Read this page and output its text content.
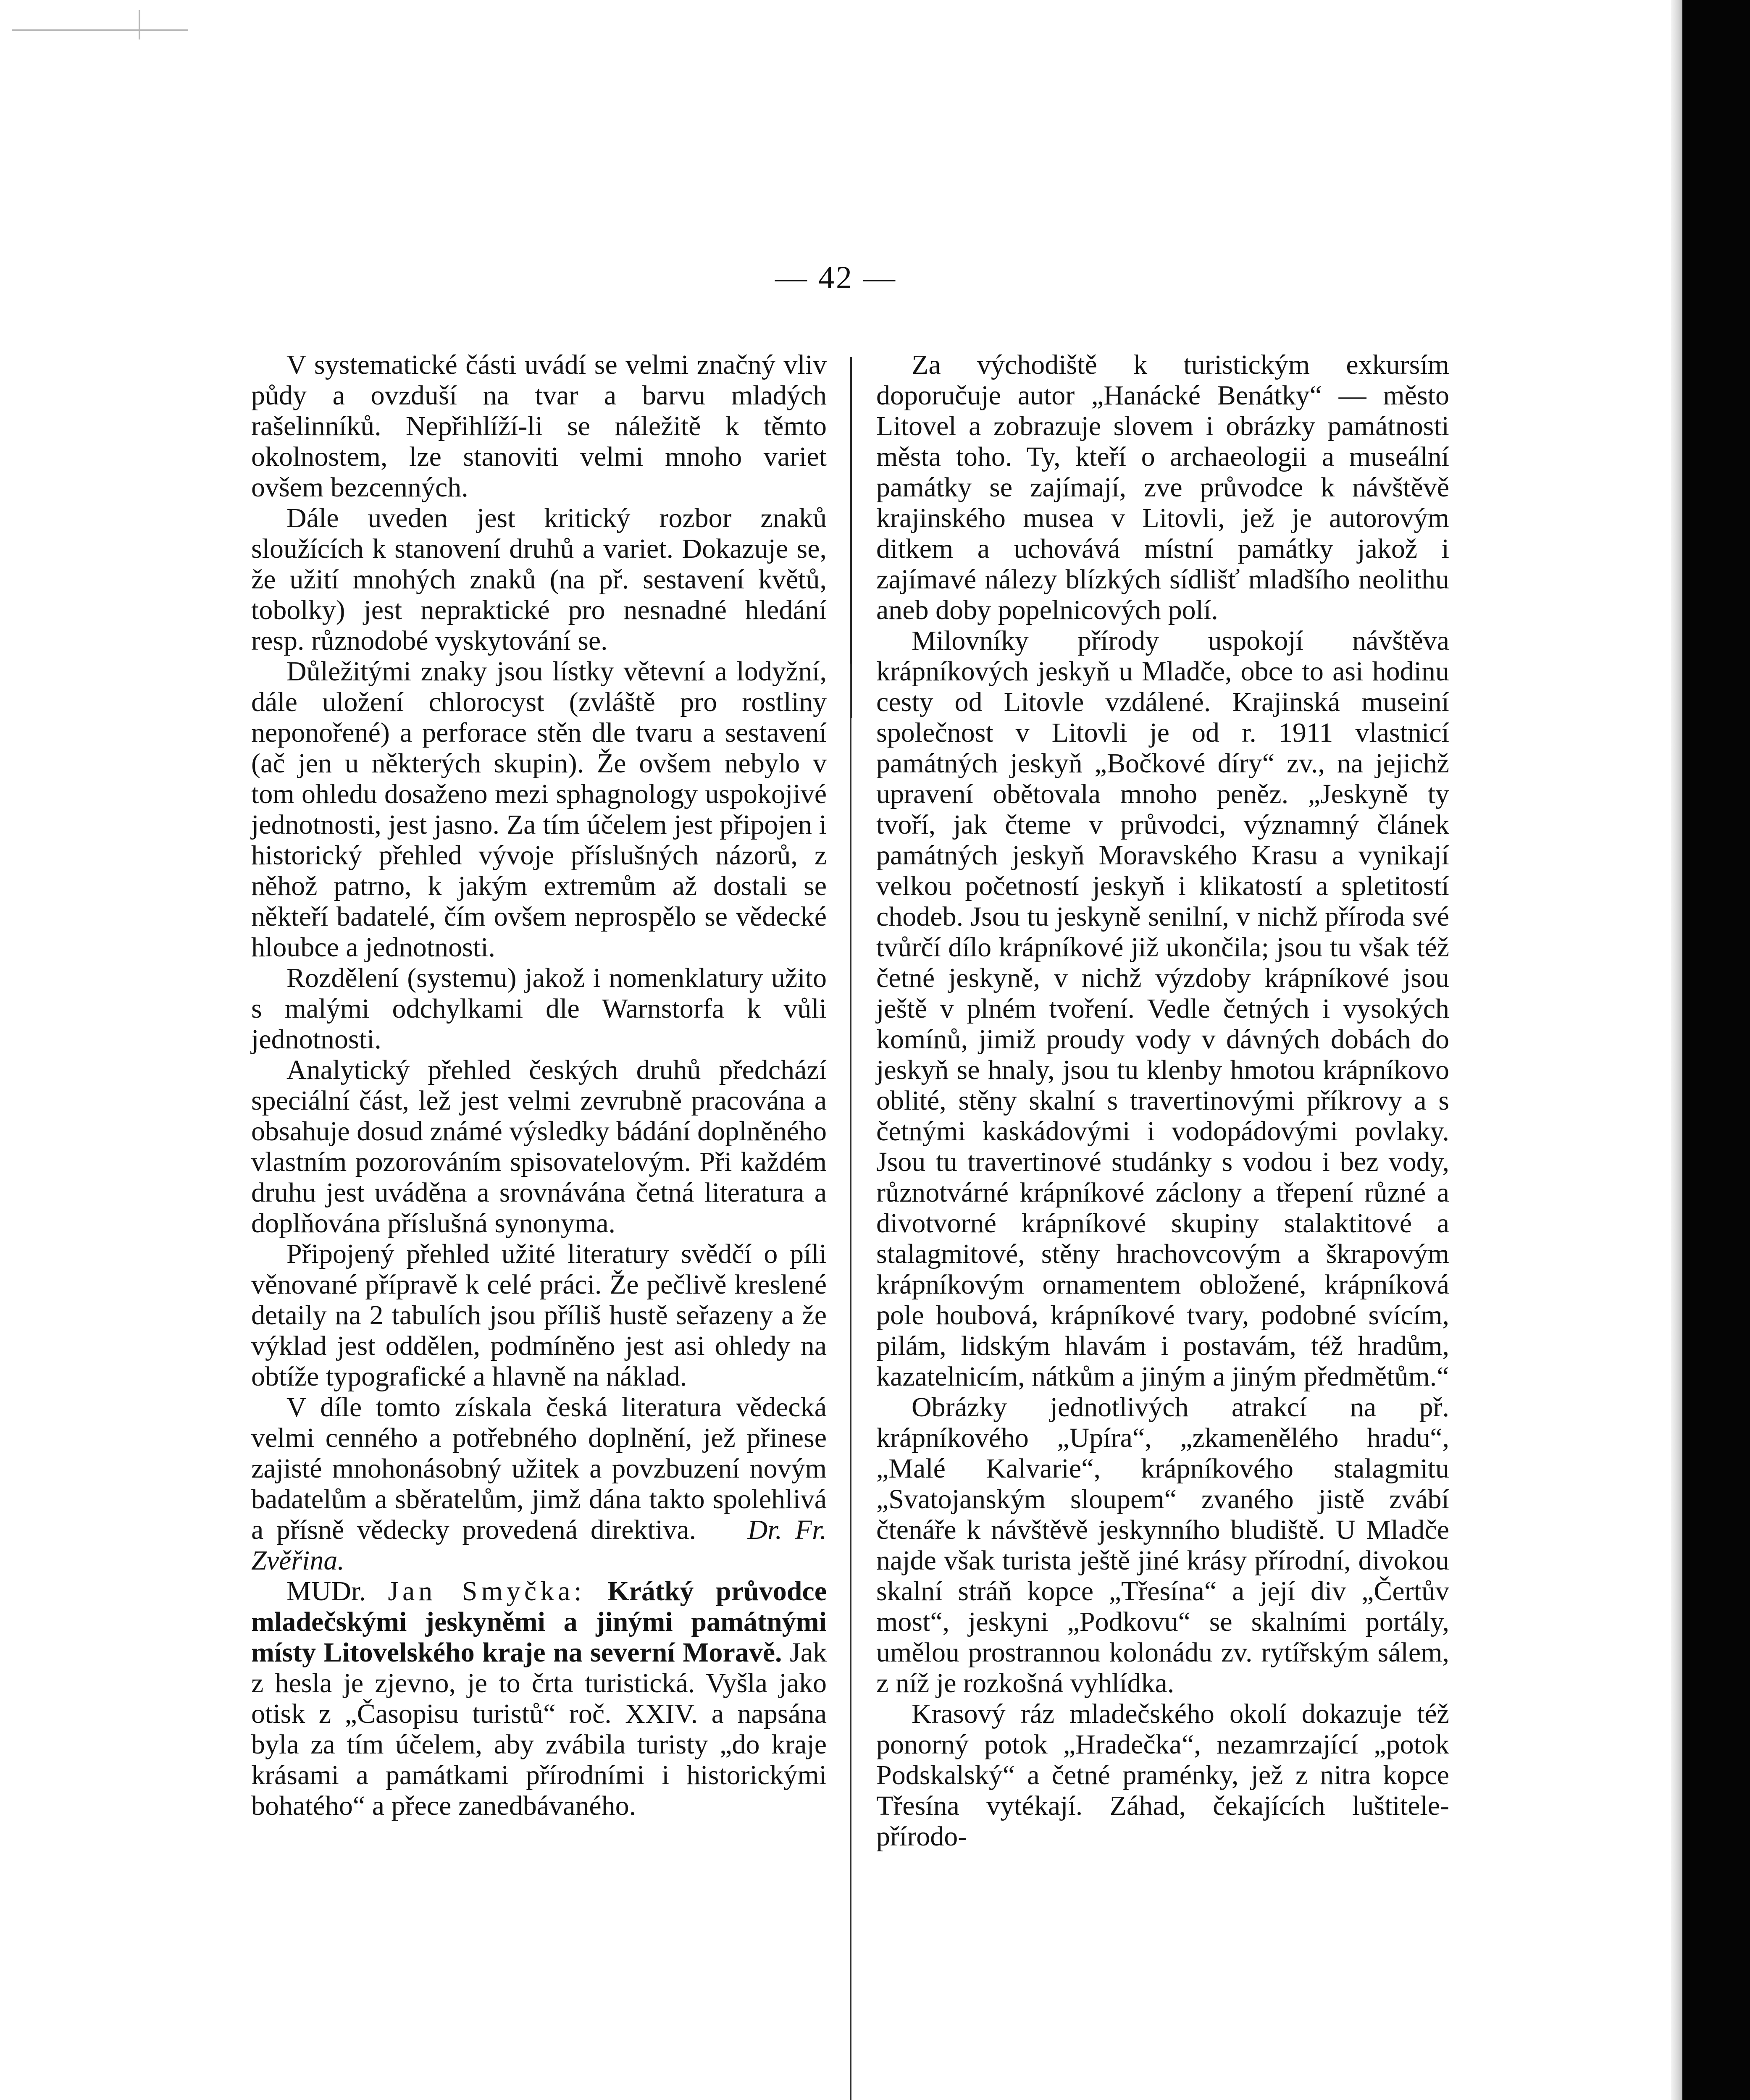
— 42 —

V systematické části uvádí se velmi značný vliv půdy a ovzduší na tvar a barvu mladých rašelinníků. Nepřihlíží-li se náležitě k těmto okolnostem, lze stanoviti velmi mnoho variet ovšem bezcenných.

Dále uveden jest kritický rozbor znaků sloužících k stanovení druhů a variet. Dokazuje se, že užití mnohých znaků (na př. sestavení květů, tobolky) jest nepraktické pro nesnadné hledání resp. různodobé vyskytování se.

Důležitými znaky jsou lístky větevní a lodyžní, dále uložení chlorocyst (zvláště pro rostliny neponořené) a perforace stěn dle tvaru a sestavení (ač jen u některých skupin). Že ovšem nebylo v tom ohledu dosaženo mezi sphagnology uspokojivé jednotnosti, jest jasno. Za tím účelem jest připojen i historický přehled vývoje příslušných názorů, z něhož patrno, k jakým extremům až dostali se někteří badatelé, čím ovšem neprospělo se vědecké hloubce a jednotnosti.

Rozdělení (systemu) jakož i nomenklatury užito s malými odchylkami dle Warnstorfa k vůli jednotnosti.

Analytický přehled českých druhů předchází speciální část, lež jest velmi zevrubně pracována a obsahuje dosud známé výsledky bádání doplněného vlastním pozorováním spisovatelovým. Při každém druhu jest uváděna a srovnávána četná literatura a doplňována příslušná synonyma.

Připojený přehled užité literatury svědčí o píli věnované přípravě k celé práci. Že pečlivě kreslené detaily na 2 tabulích jsou příliš hustě seřazeny a že výklad jest oddělen, podmíněno jest asi ohledy na obtíže typografické a hlavně na náklad.

V díle tomto získala česká literatura vědecká velmi cenného a potřebného doplnění, jež přinese zajisté mnohonásobný užitek a povzbuzení novým badatelům a sběratelům, jimž dána takto spolehlivá a přísně vědecky provedená direktiva. Dr. Fr. Zvěřina.

MUDr. Jan Smyčka: Krátký průvodce mladečskými jeskyněmi a jinými památnými místy Litovelského kraje na severní Moravě. Jak z hesla je zjevno, je to črta turistická. Vyšla jako otisk z „Časopisu turistů“ roč. XXIV. a napsána byla za tím účelem, aby zvábila turisty „do kraje krásami a památkami přírodními i historickými bohatého“ a přece zanedbávaného.

Za východiště k turistickým exkursím doporučuje autor „Hanácké Benátky“ — město Litovel a zobrazuje slovem i obrázky památnosti města toho. Ty, kteří o archaeologii a museální památky se zajímají, zve průvodce k návštěvě krajinského musea v Litovli, jež je autorovým ditkem a uchovává místní památky jakož i zajímavé nálezy blízkých sídlišť mladšího neolithu aneb doby popelnicových polí.

Milovníky přírody uspokojí návštěva krápníkových jeskyň u Mladče, obce to asi hodinu cesty od Litovle vzdálené. Krajinská museiní společnost v Litovli je od r. 1911 vlastnicí památných jeskyň „Bočkové díry“ zv., na jejichž upravení obětovala mnoho peněz. „Jeskyně ty tvoří, jak čteme v průvodci, významný článek památných jeskyň Moravského Krasu a vynikají velkou početností jeskyň i klikatostí a spletitostí chodeb. Jsou tu jeskyně senilní, v nichž příroda své tvůrčí dílo krápníkové již ukončila; jsou tu však též četné jeskyně, v nichž výzdoby krápníkové jsou ještě v plném tvoření. Vedle četných i vysokých komínů, jimiž proudy vody v dávných dobách do jeskyň se hnaly, jsou tu klenby hmotou krápníkovo oblité, stěny skalní s travertinovými příkrovy a s četnými kaskádovými i vodopádovými povlaky. Jsou tu travertinové studánky s vodou i bez vody, různotvárné krápníkové záclony a třepení různé a divotvorné krápníkové skupiny stalaktitové a stalagmitové, stěny hrachovcovým a škrapovým krápníkovým ornamentem obložené, krápníková pole houbová, krápníkové tvary, podobné svícím, pilám, lidským hlavám i postavám, též hradům, kazatelnicím, nátkům a jiným a jiným předmětům.“

Obrázky jednotlivých atrakcí na př. krápníkového „Upíra“, „zkamenělého hradu“, „Malé Kalvarie“, krápníkového stalagmitu „Svatojanským sloupem“ zvaného jistě zvábí čtenáře k návštěvě jeskynního bludiště. U Mladče najde však turista ještě jiné krásy přírodní, divokou skalní stráň kopce „Třesína“ a její div „Čertův most“, jeskyni „Podkovu“ se skalními portály, umělou prostrannou kolonádu zv. rytířským sálem, z níž je rozkošná vyhlídka.

Krasový ráz mladečského okolí dokazuje též ponorný potok „Hradečka“, nezamrzající „potok Podskalský“ a četné praménky, jež z nitra kopce Třesína vytékají. Záhad, čekajících luštitele-přírodo-
